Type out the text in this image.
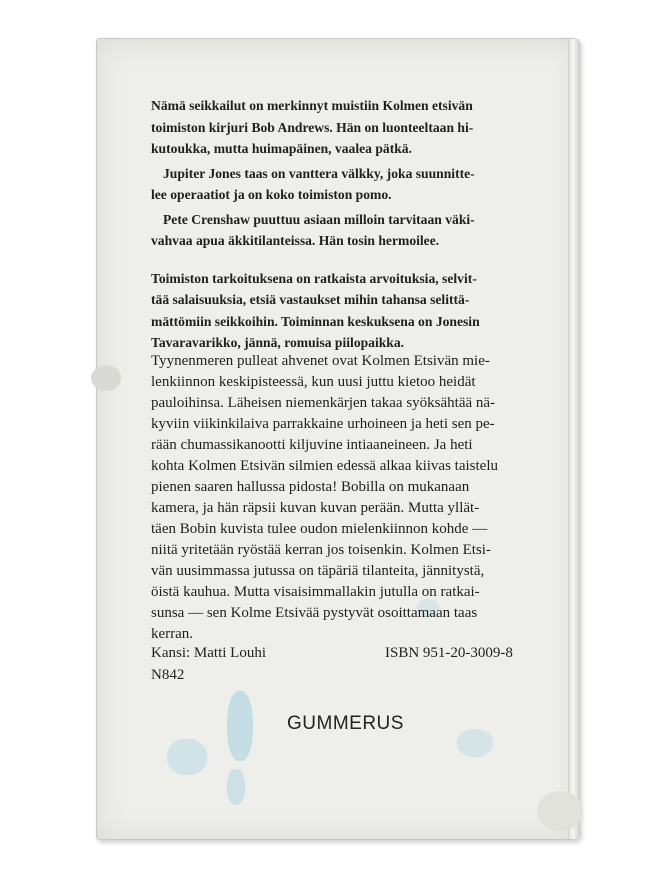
Nämä seikkailut on merkinnyt muistiin Kolmen etsivän

toimiston kirjuri Bob Andrews. Hän on luonteeltaan hi-

kutoukka, mutta huimapäinen, vaalea pätkä.

Jupiter Jones taas on vanttera välkky, joka suunnitte-

lee operaatiot ja on koko toimiston pomo.

Pete Crenshaw puuttuu asiaan milloin tarvitaan väki-

vahvaa apua äkkitilanteissa. Hän tosin hermoilee.

Toimiston tarkoituksena on ratkaista arvoituksia, selvit-

tää salaisuuksia, etsiä vastaukset mihin tahansa selittä-

mättömiin seikkoihin. Toiminnan keskuksena on Jonesin

Tavaravarikko, jännä, romuisa piilopaikka.

Tyynenmeren pulleat ahvenet ovat Kolmen Etsivän mie-
lenkiinnon keskipisteessä, kun uusi juttu kietoo heidät
pauloihinsa. Läheisen niemenkärjen takaa syöksähtää nä-
kyviin viikinkilaiva parrakkaine urhoineen ja heti sen pe-
rään chumassikanootti kiljuvine intiaaneineen. Ja heti
kohta Kolmen Etsivän silmien edessä alkaa kiivas taistelu
pienen saaren hallussa pidosta! Bobilla on mukanaan
kamera, ja hän räpsii kuvan kuvan perään. Mutta yllät-
täen Bobin kuvista tulee oudon mielenkiinnon kohde —
niitä yritetään ryöstää kerran jos toisenkin. Kolmen Etsi-
vän uusimmassa jutussa on täpäriä tilanteita, jännitystä,
öistä kauhua. Mutta visaisimmallakin jutulla on ratkai-
sunsa — sen Kolme Etsivää pystyvät osoittamaan taas
kerran.
Kansi: Matti Louhi
N842
ISBN 951-20-3009-8
GUMMERUS
